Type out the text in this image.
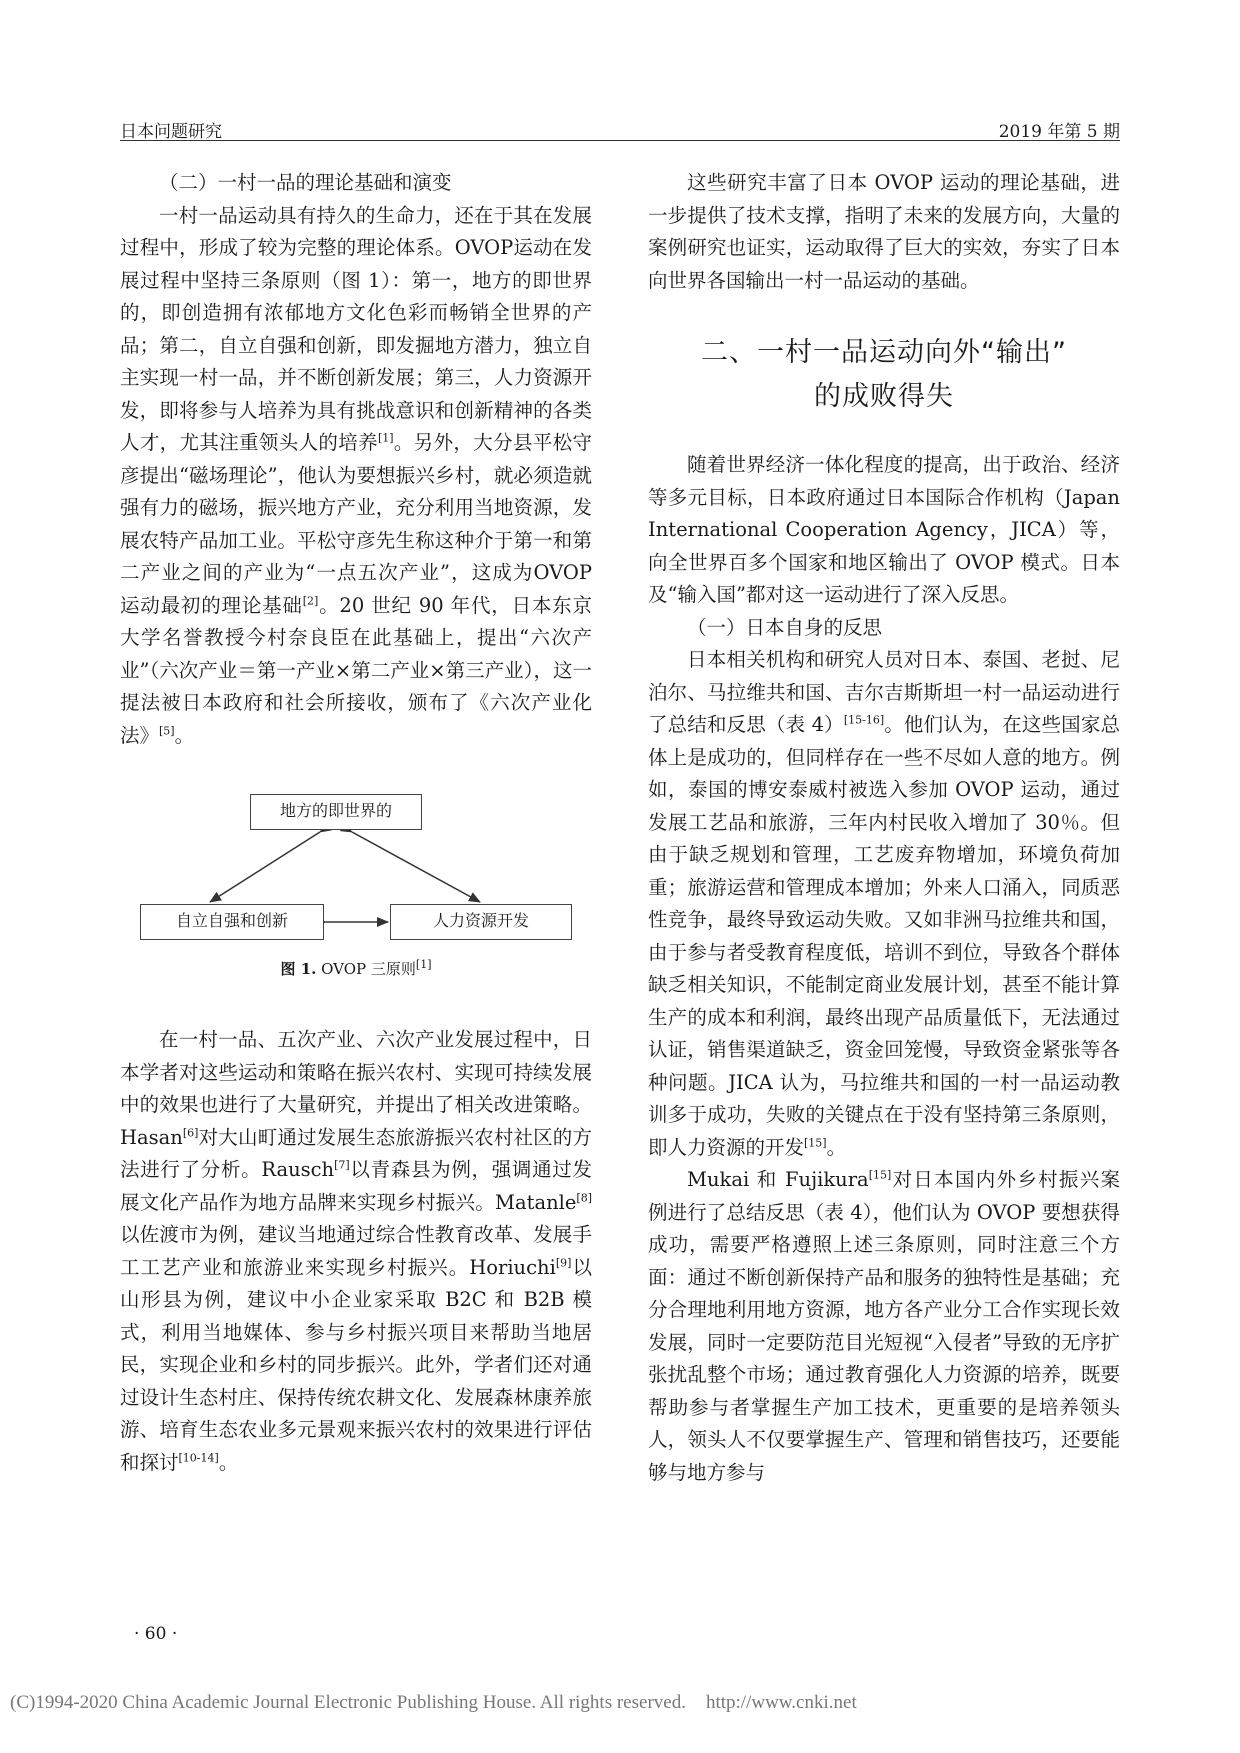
日本问题研究	2019 年第 5 期

（二）一村一品的理论基础和演变

一村一品运动具有持久的生命力，还在于其在发展过程中，形成了较为完整的理论体系。OVOP运动在发展过程中坚持三条原则（图 1）：第一，地方的即世界的，即创造拥有浓郁地方文化色彩而畅销全世界的产品；第二，自立自强和创新，即发掘地方潜力，独立自主实现一村一品，并不断创新发展；第三，人力资源开发，即将参与人培养为具有挑战意识和创新精神的各类人才，尤其注重领头人的培养[1]。另外，大分县平松守彦提出“磁场理论”，他认为要想振兴乡村，就必须造就强有力的磁场，振兴地方产业，充分利用当地资源，发展农特产品加工业。平松守彦先生称这种介于第一和第二产业之间的产业为“一点五次产业”，这成为OVOP 运动最初的理论基础[2]。20 世纪 90 年代，日本东京大学名誉教授今村奈良臣在此基础上，提出“六次产业”（六次产业＝第一产业×第二产业×第三产业），这一提法被日本政府和社会所接收，颁布了《六次产业化法》[5]。

地方的即世界的
自立自强和创新	人力资源开发
图 1. OVOP 三原则[1]

在一村一品、五次产业、六次产业发展过程中，日本学者对这些运动和策略在振兴农村、实现可持续发展中的效果也进行了大量研究，并提出了相关改进策略。Hasan[6]对大山町通过发展生态旅游振兴农村社区的方法进行了分析。Rausch[7]以青森县为例，强调通过发展文化产品作为地方品牌来实现乡村振兴。Matanle[8]以佐渡市为例，建议当地通过综合性教育改革、发展手工工艺产业和旅游业来实现乡村振兴。Horiuchi[9]以山形县为例，建议中小企业家采取 B2C 和 B2B 模式，利用当地媒体、参与乡村振兴项目来帮助当地居民，实现企业和乡村的同步振兴。此外，学者们还对通过设计生态村庄、保持传统农耕文化、发展森林康养旅游、培育生态农业多元景观来振兴农村的效果进行评估和探讨[10-14]。

这些研究丰富了日本 OVOP 运动的理论基础，进一步提供了技术支撑，指明了未来的发展方向，大量的案例研究也证实，运动取得了巨大的实效，夯实了日本向世界各国输出一村一品运动的基础。

二、一村一品运动向外“输出”
的成败得失

随着世界经济一体化程度的提高，出于政治、经济等多元目标，日本政府通过日本国际合作机构（Japan International Cooperation Agency，JICA）等，向全世界百多个国家和地区输出了 OVOP 模式。日本及“输入国”都对这一运动进行了深入反思。

（一）日本自身的反思

日本相关机构和研究人员对日本、泰国、老挝、尼泊尔、马拉维共和国、吉尔吉斯斯坦一村一品运动进行了总结和反思（表 4）[15-16]。他们认为，在这些国家总体上是成功的，但同样存在一些不尽如人意的地方。例如，泰国的博安泰威村被选入参加 OVOP 运动，通过发展工艺品和旅游，三年内村民收入增加了 30％。但由于缺乏规划和管理，工艺废弃物增加，环境负荷加重；旅游运营和管理成本增加；外来人口涌入，同质恶性竞争，最终导致运动失败。又如非洲马拉维共和国，由于参与者受教育程度低，培训不到位，导致各个群体缺乏相关知识，不能制定商业发展计划，甚至不能计算生产的成本和利润，最终出现产品质量低下，无法通过认证，销售渠道缺乏，资金回笼慢，导致资金紧张等各种问题。JICA 认为，马拉维共和国的一村一品运动教训多于成功，失败的关键点在于没有坚持第三条原则，即人力资源的开发[15]。

Mukai 和 Fujikura[15]对日本国内外乡村振兴案例进行了总结反思（表 4），他们认为 OVOP 要想获得成功，需要严格遵照上述三条原则，同时注意三个方面：通过不断创新保持产品和服务的独特性是基础；充分合理地利用地方资源，地方各产业分工合作实现长效发展，同时一定要防范目光短视“入侵者”导致的无序扩张扰乱整个市场；通过教育强化人力资源的培养，既要帮助参与者掌握生产加工技术，更重要的是培养领头人，领头人不仅要掌握生产、管理和销售技巧，还要能够与地方参与

· 60 ·
(C)1994-2020 China Academic Journal Electronic Publishing House. All rights reserved. http://www.cnki.net
